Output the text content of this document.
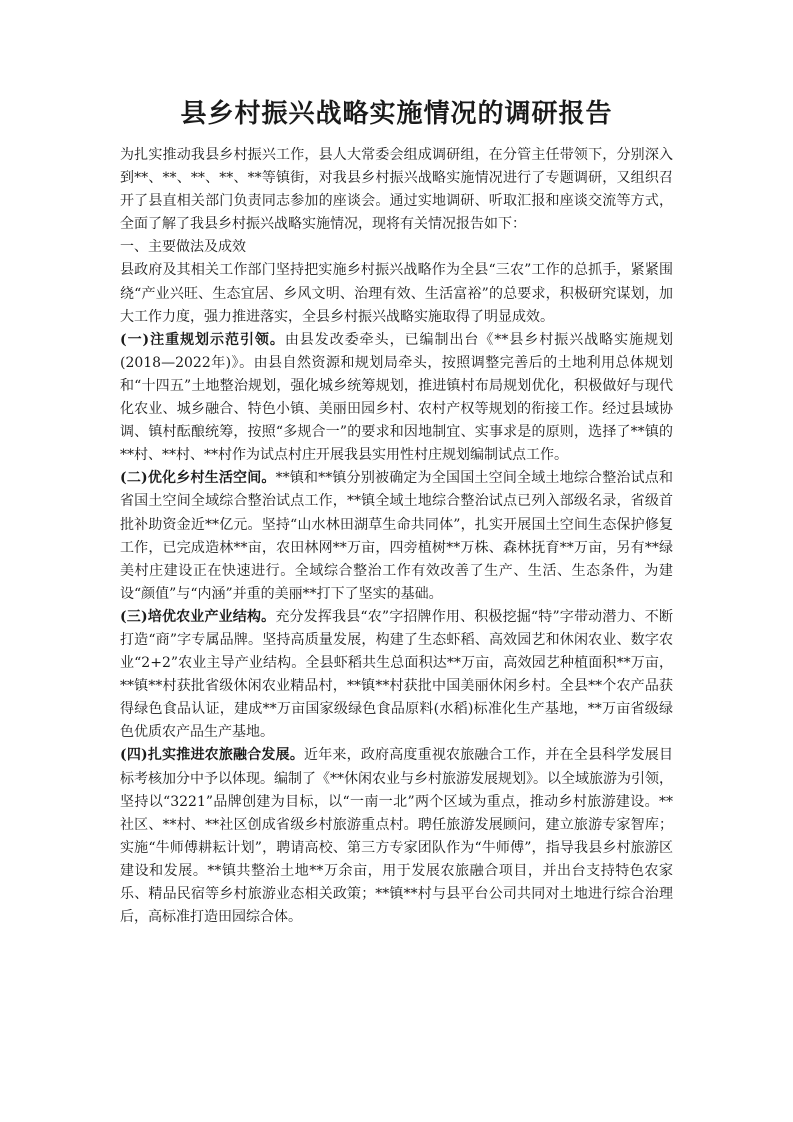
县乡村振兴战略实施情况的调研报告

为扎实推动我县乡村振兴工作，县人大常委会组成调研组，在分管主任带领下，分别深入到**、**、**、**、**等镇街，对我县乡村振兴战略实施情况进行了专题调研，又组织召开了县直相关部门负责同志参加的座谈会。通过实地调研、听取汇报和座谈交流等方式，全面了解了我县乡村振兴战略实施情况，现将有关情况报告如下：

一、主要做法及成效

县政府及其相关工作部门坚持把实施乡村振兴战略作为全县“三农”工作的总抓手，紧紧围绕“产业兴旺、生态宜居、乡风文明、治理有效、生活富裕”的总要求，积极研究谋划，加大工作力度，强力推进落实，全县乡村振兴战略实施取得了明显成效。

(一)注重规划示范引领。由县发改委牵头，已编制出台《**县乡村振兴战略实施规划(2018—2022年)》。由县自然资源和规划局牵头，按照调整完善后的土地利用总体规划和“十四五”土地整治规划，强化城乡统筹规划，推进镇村布局规划优化，积极做好与现代化农业、城乡融合、特色小镇、美丽田园乡村、农村产权等规划的衔接工作。经过县域协调、镇村酝酿统筹，按照“多规合一”的要求和因地制宜、实事求是的原则，选择了**镇的**村、**村、**村作为试点村庄开展我县实用性村庄规划编制试点工作。

(二)优化乡村生活空间。**镇和**镇分别被确定为全国国土空间全域土地综合整治试点和省国土空间全域综合整治试点工作，**镇全域土地综合整治试点已列入部级名录，省级首批补助资金近**亿元。坚持“山水林田湖草生命共同体”，扎实开展国土空间生态保护修复工作，已完成造林**亩，农田林网**万亩，四旁植树**万株、森林抚育**万亩，另有**绿美村庄建设正在快速进行。全域综合整治工作有效改善了生产、生活、生态条件，为建设“颜值”与“内涵”并重的美丽**打下了坚实的基础。

(三)培优农业产业结构。充分发挥我县“农”字招牌作用、积极挖掘“特”字带动潜力、不断打造“商”字专属品牌。坚持高质量发展，构建了生态虾稻、高效园艺和休闲农业、数字农业“2+2”农业主导产业结构。全县虾稻共生总面积达**万亩，高效园艺种植面积**万亩，**镇**村获批省级休闲农业精品村，**镇**村获批中国美丽休闲乡村。全县**个农产品获得绿色食品认证，建成**万亩国家级绿色食品原料(水稻)标准化生产基地，**万亩省级绿色优质农产品生产基地。

(四)扎实推进农旅融合发展。近年来，政府高度重视农旅融合工作，并在全县科学发展目标考核加分中予以体现。编制了《**休闲农业与乡村旅游发展规划》。以全域旅游为引领，坚持以“3221”品牌创建为目标，以“一南一北”两个区域为重点，推动乡村旅游建设。**社区、**村、**社区创成省级乡村旅游重点村。聘任旅游发展顾问，建立旅游专家智库；实施“牛师傅耕耘计划”，聘请高校、第三方专家团队作为“牛师傅”，指导我县乡村旅游区建设和发展。**镇共整治土地**万余亩，用于发展农旅融合项目，并出台支持特色农家乐、精品民宿等乡村旅游业态相关政策；**镇**村与县平台公司共同对土地进行综合治理后，高标准打造田园综合体。
